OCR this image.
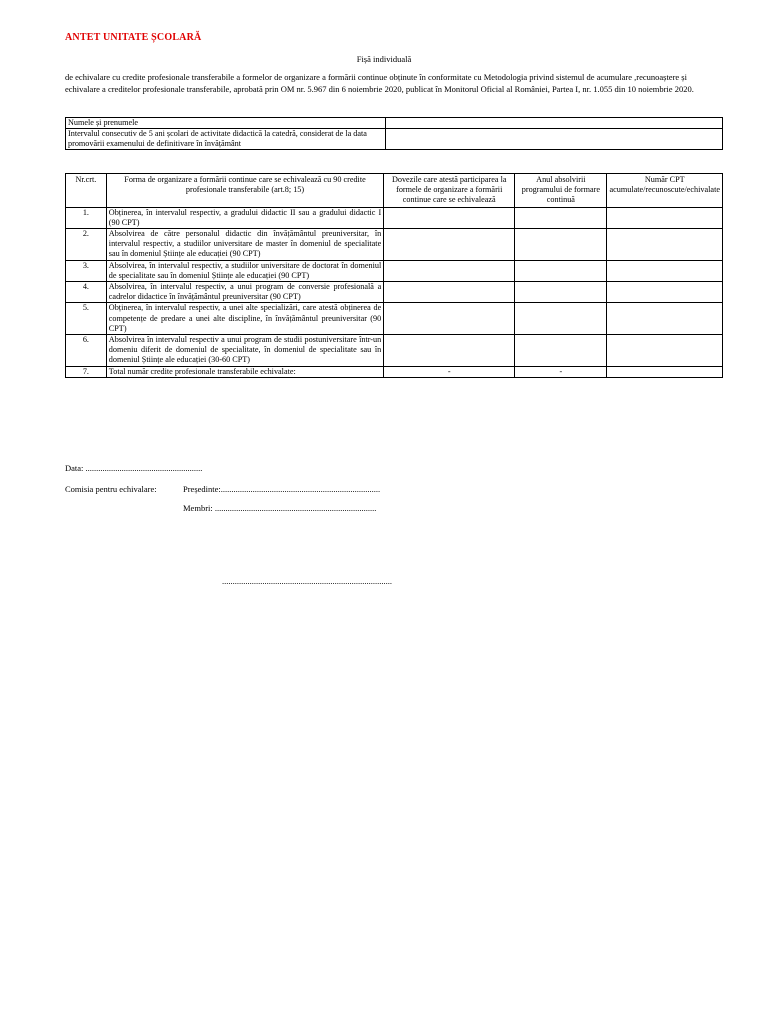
ANTET UNITATE ȘCOLARĂ
Fișă individuală
de echivalare cu credite profesionale transferabile a formelor de organizare a formării continue obținute în conformitate cu Metodologia privind sistemul de acumulare ,recunoaștere și echivalare a creditelor profesionale transferabile, aprobată prin OM nr. 5.967 din 6 noiembrie 2020, publicat în Monitorul Oficial al României, Partea I, nr. 1.055 din 10 noiembrie 2020.
Numele și prenumele	
Intervalul consecutiv de 5 ani școlari de activitate didactică la catedră, considerat de la data promovării examenului de definitivare în învățământ	
Nr.crt.	Forma de organizare a formării continue care se echivalează cu 90 credite profesionale transferabile (art.8; 15)	Dovezile care atestă participarea la formele de organizare a formării continue care se echivalează	Anul absolvirii programului de formare continuă	Număr CPT acumulate/recunoscute/echivalate
1.	Obținerea, în intervalul respectiv, a gradului didactic II sau a gradului didactic I (90 CPT)			
2.	Absolvirea de către personalul didactic din învățământul preuniversitar, în intervalul respectiv, a studiilor universitare de master în domeniul de specialitate sau în domeniul Științe ale educației (90 CPT)			
3.	Absolvirea, în intervalul respectiv, a studiilor universitare de doctorat în domeniul de specialitate sau în domeniul Științe ale educației (90 CPT)			
4.	Absolvirea, în intervalul respectiv, a unui program de conversie profesională a cadrelor didactice în învățământul preuniversitar (90 CPT)			
5.	Obținerea, în intervalul respectiv, a unei alte specializări, care atestă obținerea de competențe de predare a unei alte discipline, în învățământul preuniversitar (90 CPT)			
6.	Absolvirea în intervalul respectiv a unui program de studii postuniversitare într-un domeniu diferit de domeniul de specialitate, în domeniul de specialitate sau în domeniul Științe ale educației (30-60 CPT)			
7.	Total număr credite profesionale transferabile echivalate:	-	-	
Data: .......................................................
Comisia pentru echivalare:	Președinte:...........................................................................
Membri: ............................................................................
................................................................................
